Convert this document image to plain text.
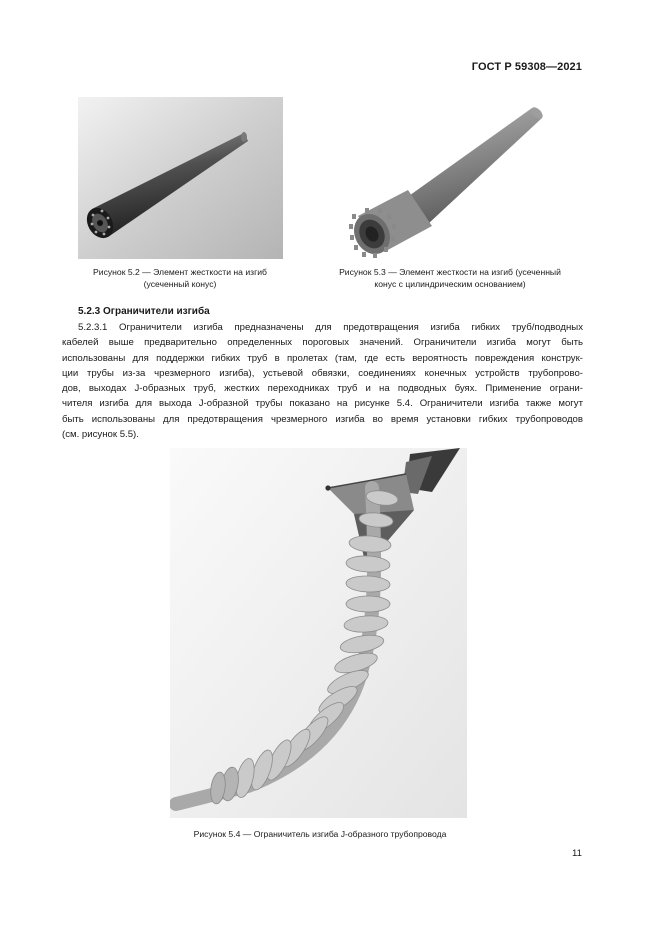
ГОСТ Р 59308—2021
Рисунок 5.2 — Элемент жесткости на изгиб
(усеченный конус)
Рисунок 5.3 — Элемент жесткости на изгиб (усеченный
конус с цилиндрическим основанием)
5.2.3 Ограничители изгиба
5.2.3.1 Ограничители изгиба предназначены для предотвращения изгиба гибких труб/подводных
кабелей выше предварительно определенных пороговых значений. Ограничители изгиба могут быть
использованы для поддержки гибких труб в пролетах (там, где есть вероятность повреждения конструк-
ции трубы из-за чрезмерного изгиба), устьевой обвязки, соединениях конечных устройств трубопрово-
дов, выходах J-образных труб, жестких переходниках труб и на подводных буях. Применение ограни-
чителя изгиба для выхода J-образной трубы показано на рисунке 5.4. Ограничители изгиба также могут
быть использованы для предотвращения чрезмерного изгиба во время установки гибких трубопроводов
(см. рисунок 5.5).
Рисунок 5.4 — Ограничитель изгиба J-образного трубопровода
11
